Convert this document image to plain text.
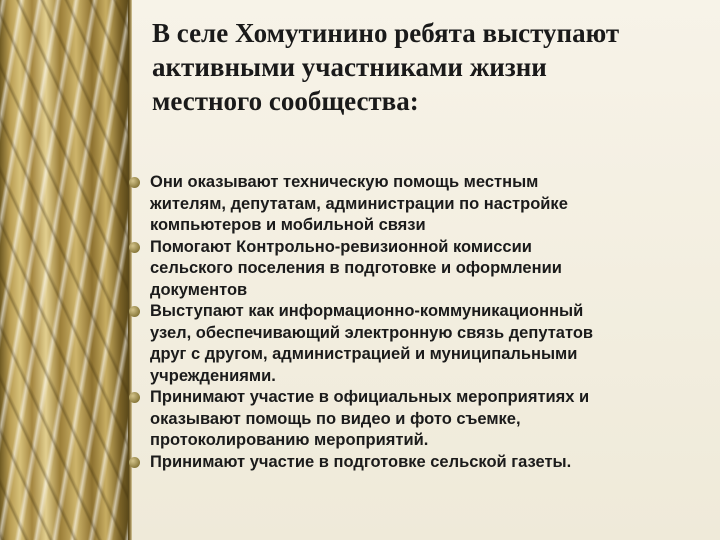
В селе Хомутинино ребята выступают
активными участниками жизни
местного сообщества:
Они оказывают техническую помощь местным
жителям, депутатам, администрации по настройке
компьютеров и мобильной связи
Помогают Контрольно-ревизионной комиссии
сельского поселения в подготовке и оформлении
документов
Выступают как информационно-коммуникационный
узел, обеспечивающий электронную связь депутатов
друг с другом, администрацией и муниципальными
учреждениями.
Принимают участие в официальных мероприятиях и
оказывают помощь по видео и фото съемке,
протоколированию мероприятий.
Принимают участие в подготовке сельской газеты.
